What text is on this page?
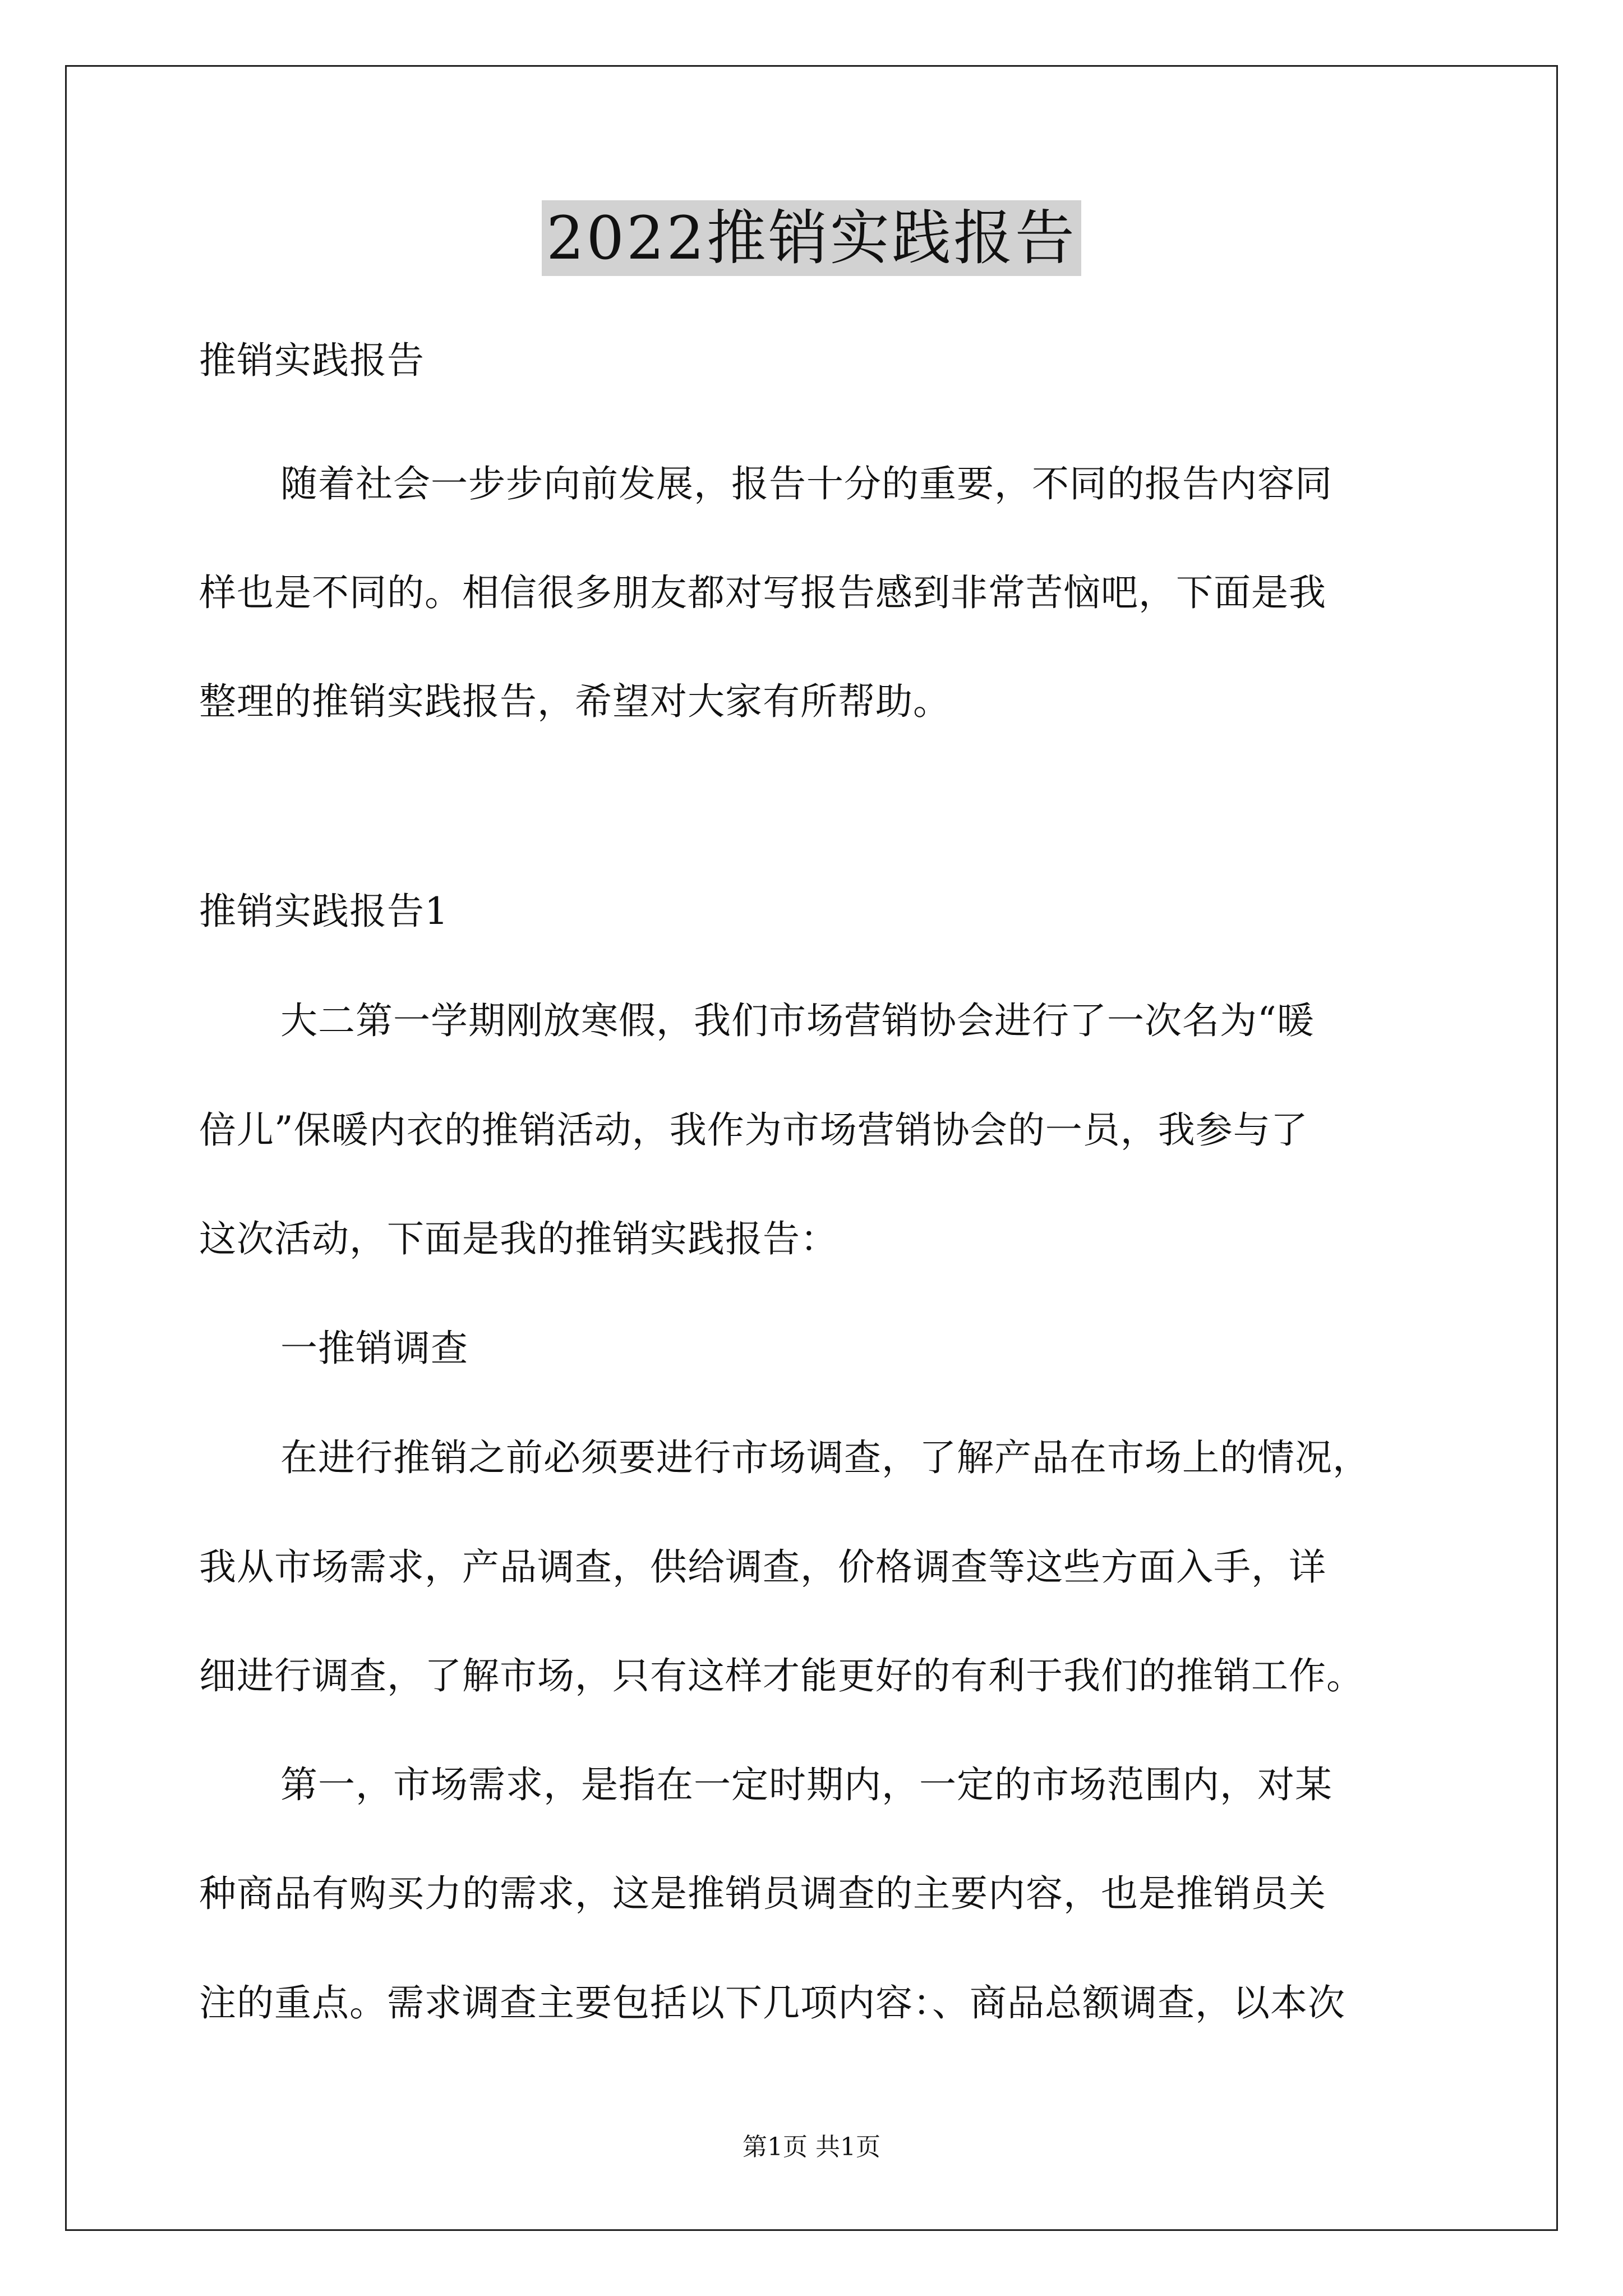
2022推销实践报告
推销实践报告
随着社会一步步向前发展，报告十分的重要，不同的报告内容同
样也是不同的。相信很多朋友都对写报告感到非常苦恼吧，下面是我
整理的推销实践报告，希望对大家有所帮助。
推销实践报告1
大二第一学期刚放寒假，我们市场营销协会进行了一次名为“暖
倍儿”保暖内衣的推销活动，我作为市场营销协会的一员，我参与了
这次活动，下面是我的推销实践报告：
一推销调查
在进行推销之前必须要进行市场调查，了解产品在市场上的情况，
我从市场需求，产品调查，供给调查，价格调查等这些方面入手，详
细进行调查，了解市场，只有这样才能更好的有利于我们的推销工作。
第一，市场需求，是指在一定时期内，一定的市场范围内，对某
种商品有购买力的需求，这是推销员调查的主要内容，也是推销员关
注的重点。需求调查主要包括以下几项内容：、商品总额调查，以本次
第1页 共1页
